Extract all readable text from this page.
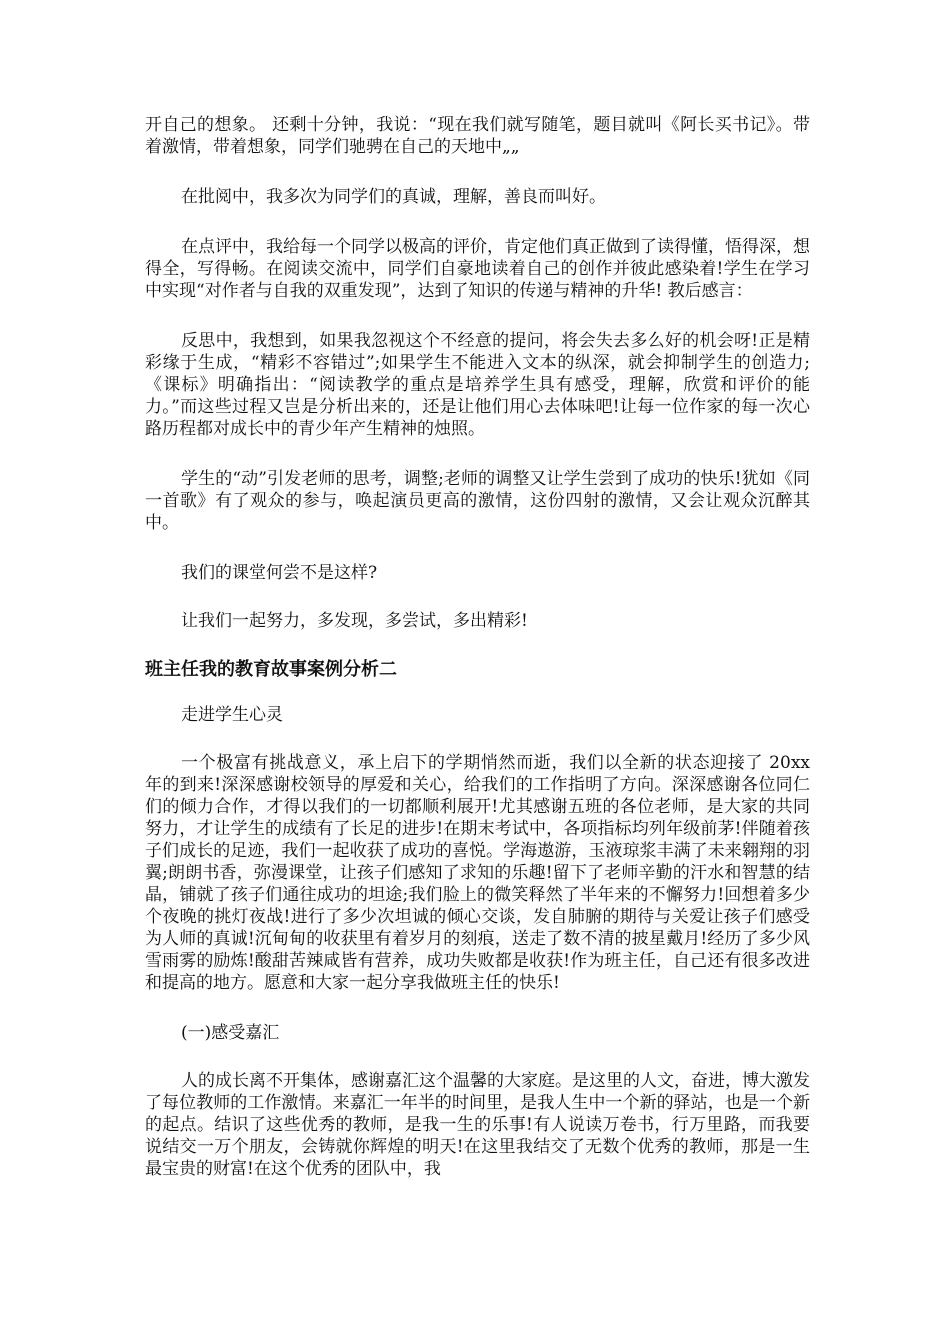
开自己的想象。 还剩十分钟，我说：“现在我们就写随笔，题目就叫《阿长买书记》。带着激情，带着想象，同学们驰骋在自己的天地中„„

在批阅中，我多次为同学们的真诚，理解，善良而叫好。

在点评中，我给每一个同学以极高的评价，肯定他们真正做到了读得懂，悟得深，想得全，写得畅。在阅读交流中，同学们自豪地读着自己的创作并彼此感染着!学生在学习中实现“对作者与自我的双重发现”，达到了知识的传递与精神的升华! 教后感言：

反思中，我想到，如果我忽视这个不经意的提问，将会失去多么好的机会呀!正是精彩缘于生成，“精彩不容错过”;如果学生不能进入文本的纵深，就会抑制学生的创造力;《课标》明确指出：“阅读教学的重点是培养学生具有感受，理解，欣赏和评价的能力。”而这些过程又岂是分析出来的，还是让他们用心去体味吧!让每一位作家的每一次心路历程都对成长中的青少年产生精神的烛照。

学生的“动”引发老师的思考，调整;老师的调整又让学生尝到了成功的快乐!犹如《同一首歌》有了观众的参与，唤起演员更高的激情，这份四射的激情，又会让观众沉醉其中。

我们的课堂何尝不是这样?

让我们一起努力，多发现，多尝试，多出精彩!

班主任我的教育故事案例分析二

走进学生心灵

一个极富有挑战意义，承上启下的学期悄然而逝，我们以全新的状态迎接了 20xx 年的到来!深深感谢校领导的厚爱和关心，给我们的工作指明了方向。深深感谢各位同仁们的倾力合作，才得以我们的一切都顺利展开!尤其感谢五班的各位老师，是大家的共同努力，才让学生的成绩有了长足的进步!在期末考试中，各项指标均列年级前茅!伴随着孩子们成长的足迹，我们一起收获了成功的喜悦。学海遨游，玉液琼浆丰满了未来翱翔的羽翼;朗朗书香，弥漫课堂，让孩子们感知了求知的乐趣!留下了老师辛勤的汗水和智慧的结晶，铺就了孩子们通往成功的坦途;我们脸上的微笑释然了半年来的不懈努力!回想着多少个夜晚的挑灯夜战!进行了多少次坦诚的倾心交谈，发自肺腑的期待与关爱让孩子们感受为人师的真诚!沉甸甸的收获里有着岁月的刻痕，送走了数不清的披星戴月!经历了多少风雪雨雾的励炼!酸甜苦辣咸皆有营养，成功失败都是收获!作为班主任，自己还有很多改进和提高的地方。愿意和大家一起分享我做班主任的快乐!

(一)感受嘉汇

人的成长离不开集体，感谢嘉汇这个温馨的大家庭。是这里的人文，奋进，博大激发了每位教师的工作激情。来嘉汇一年半的时间里，是我人生中一个新的驿站，也是一个新的起点。结识了这些优秀的教师，是我一生的乐事!有人说读万卷书，行万里路，而我要说结交一万个朋友，会铸就你辉煌的明天!在这里我结交了无数个优秀的教师，那是一生最宝贵的财富!在这个优秀的团队中，我
